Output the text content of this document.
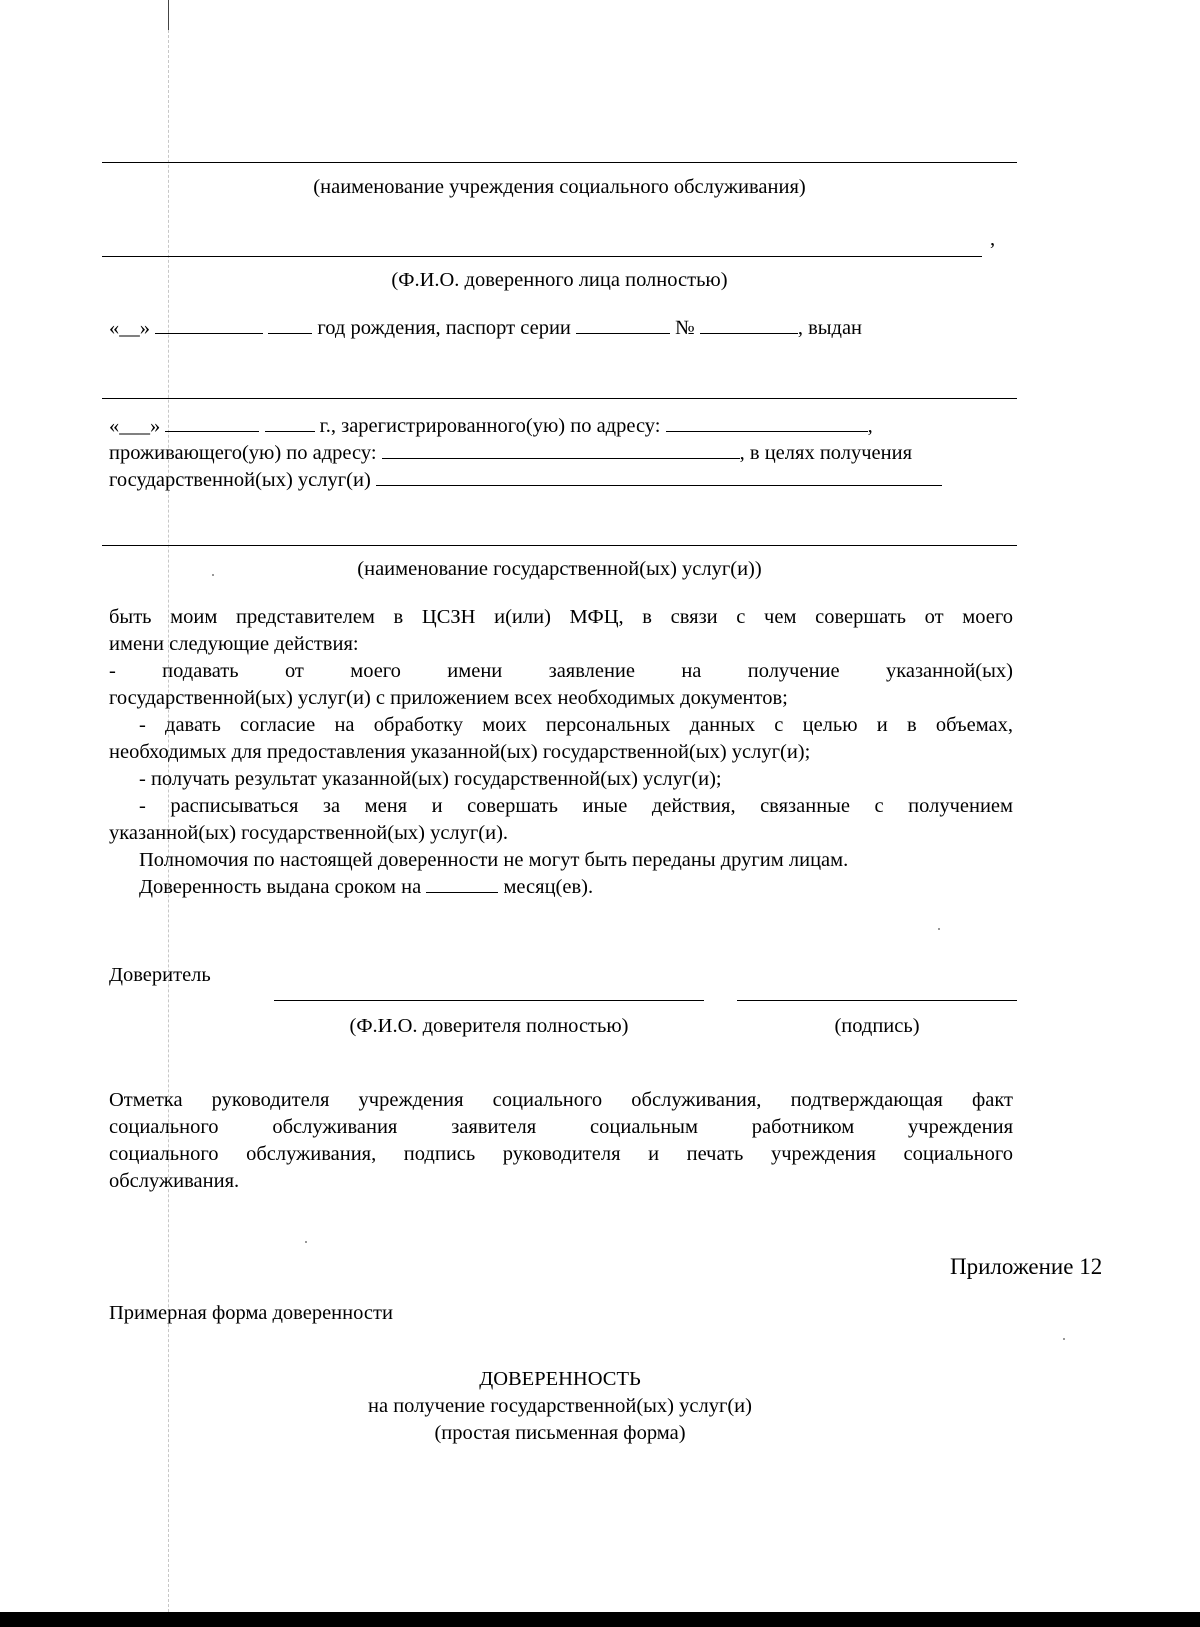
(наименование учреждения социального обслуживания)
,
(Ф.И.О. доверенного лица полностью)
«__»	год рождения, паспорт серии	№	, выдан
«___»	г., зарегистрированного(ую) по адресу:	,
проживающего(ую) по адресу:	, в целях получения
государственной(ых) услуг(и)
(наименование государственной(ых) услуг(и))
быть моим представителем в ЦСЗН и(или) МФЦ, в связи с чем совершать от моего
имени следующие действия:
- подавать от моего имени заявление на получение указанной(ых)
государственной(ых) услуг(и) с приложением всех необходимых документов;
- давать согласие на обработку моих персональных данных с целью и в объемах,
необходимых для предоставления указанной(ых) государственной(ых) услуг(и);
- получать результат указанной(ых) государственной(ых) услуг(и);
- расписываться за меня и совершать иные действия, связанные с получением
указанной(ых) государственной(ых) услуг(и).
Полномочия по настоящей доверенности не могут быть переданы другим лицам.
Доверенность выдана сроком на	месяц(ев).
Доверитель
(Ф.И.О. доверителя полностью)	(подпись)
Отметка руководителя учреждения социального обслуживания, подтверждающая факт
социального обслуживания заявителя социальным работником учреждения
социального обслуживания, подпись руководителя и печать учреждения социального
обслуживания.
Приложение 12
Примерная форма доверенности
ДОВЕРЕННОСТЬ
на получение государственной(ых) услуг(и)
(простая письменная форма)
